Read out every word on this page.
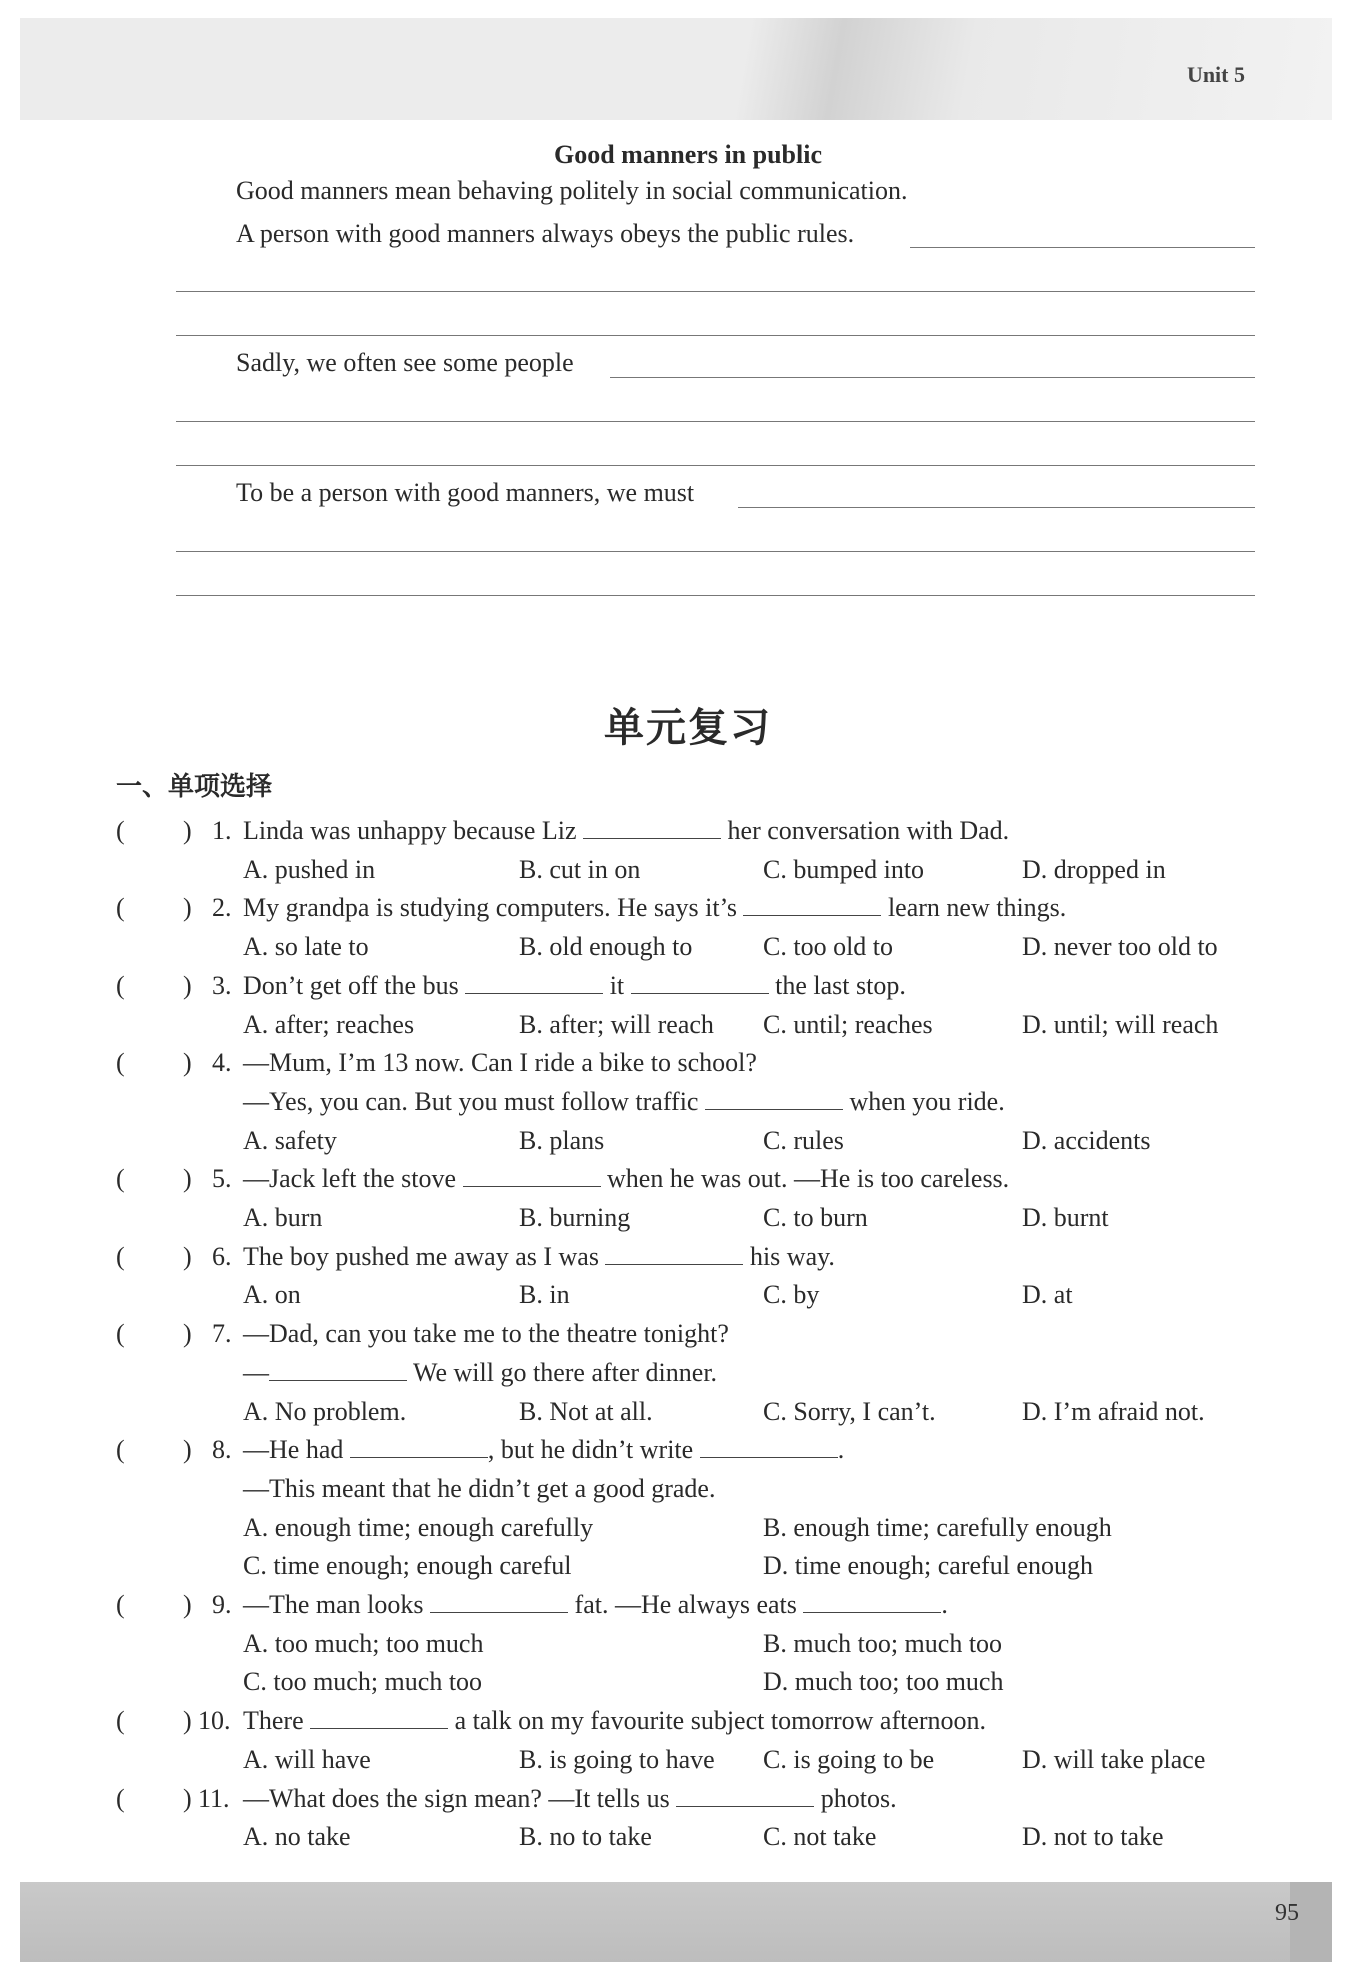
Unit 5
95
Good manners in public
Good manners mean behaving politely in social communication.
A person with good manners always obeys the public rules.
Sadly, we often see some people
To be a person with good manners, we must
单元复习
一、单项选择
( ) 1. Linda was unhappy because Liz	her conversation with Dad.
A. pushed in	B. cut in on	C. bumped into	D. dropped in
( ) 2. My grandpa is studying computers. He says it’s	learn new things.
A. so late to	B. old enough to	C. too old to	D. never too old to
( ) 3. Don’t get off the bus	it	the last stop.
A. after; reaches	B. after; will reach C. until; reaches	D. until; will reach
( ) 4. —Mum, I’m 13 now. Can I ride a bike to school?
—Yes, you can. But you must follow traffic	when you ride.
A. safety	B. plans	C. rules	D. accidents
( ) 5. —Jack left the stove	when he was out. —He is too careless.
A. burn	B. burning	C. to burn	D. burnt
( ) 6. The boy pushed me away as I was	his way.
A. on	B. in	C. by	D. at
( ) 7. —Dad, can you take me to the theatre tonight?
—	We will go there after dinner.
A. No problem.	B. Not at all.	C. Sorry, I can’t.	D. I’m afraid not.
( ) 8. —He had	, but he didn’t write	.
—This meant that he didn’t get a good grade.
A. enough time; enough carefully	B. enough time; carefully enough
C. time enough; enough careful	D. time enough; careful enough
( ) 9. —The man looks	fat. —He always eats	.
A. too much; too much	B. much too; much too
C. too much; much too	D. much too; too much
( ) 10. There	a talk on my favourite subject tomorrow afternoon.
A. will have	B. is going to have C. is going to be	D. will take place
( ) 11. —What does the sign mean? —It tells us	photos.
A. no take	B. no to take	C. not take	D. not to take
